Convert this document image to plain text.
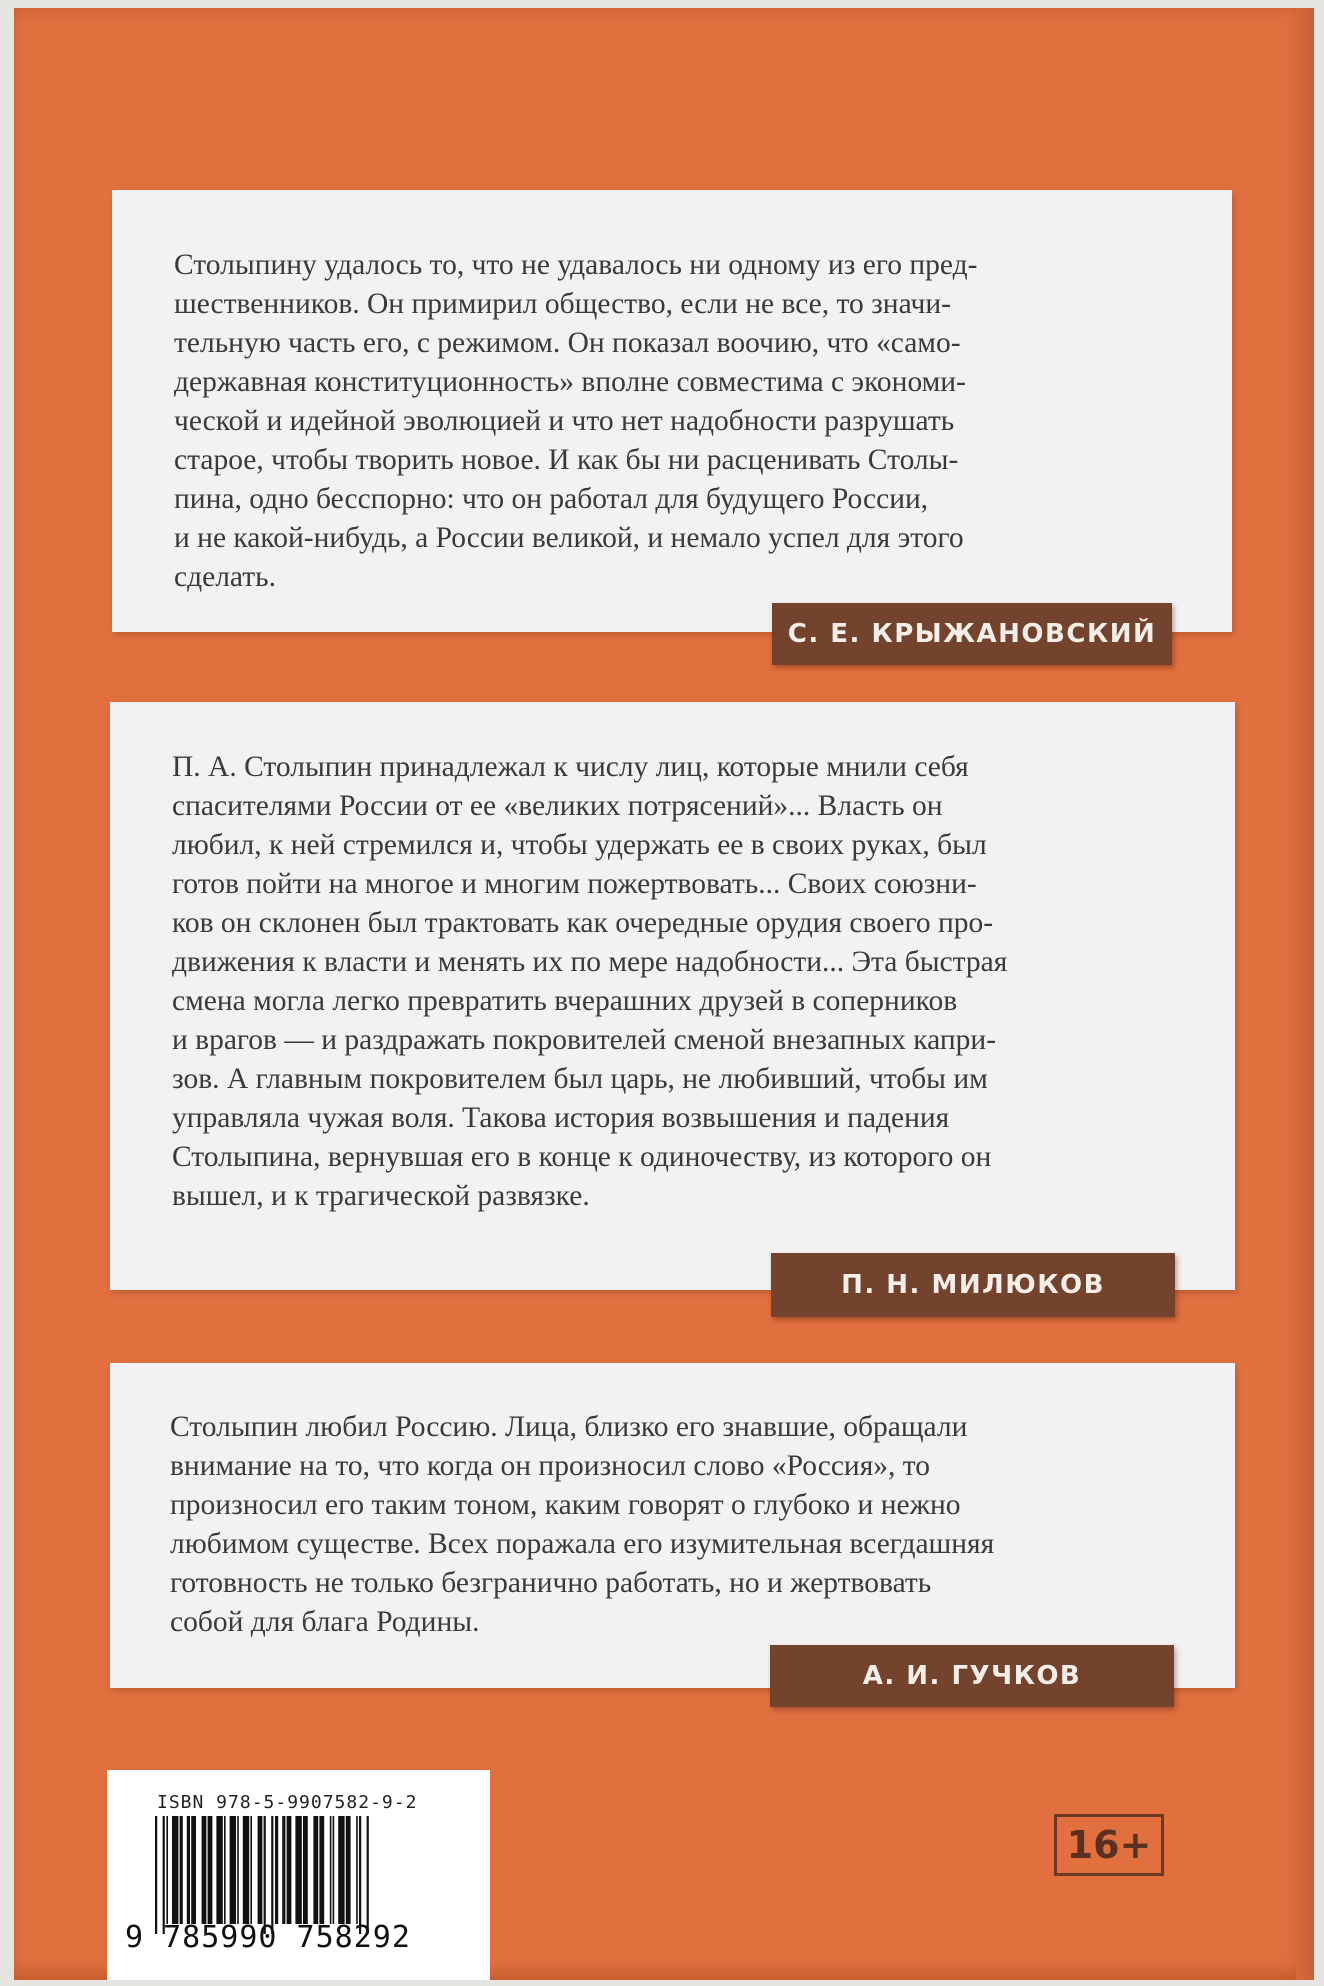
Столыпину удалось то, что не удавалось ни одному из его пред-
шественников. Он примирил общество, если не все, то значи-
тельную часть его, с режимом. Он показал воочию, что «само-
державная конституционность» вполне совместима с экономи-
ческой и идейной эволюцией и что нет надобности разрушать
старое, чтобы творить новое. И как бы ни расценивать Столы-
пина, одно бесспорно: что он работал для будущего России,
и не какой-нибудь, а России великой, и немало успел для этого
сделать.
С. Е. КРЫЖАНОВСКИЙ
П. А. Столыпин принадлежал к числу лиц, которые мнили себя
спасителями России от ее «великих потрясений»... Власть он
любил, к ней стремился и, чтобы удержать ее в своих руках, был
готов пойти на многое и многим пожертвовать... Своих союзни-
ков он склонен был трактовать как очередные орудия своего про-
движения к власти и менять их по мере надобности... Эта быстрая
смена могла легко превратить вчерашних друзей в соперников
и врагов — и раздражать покровителей сменой внезапных капри-
зов. А главным покровителем был царь, не любивший, чтобы им
управляла чужая воля. Такова история возвышения и падения
Столыпина, вернувшая его в конце к одиночеству, из которого он
вышел, и к трагической развязке.
П. Н. МИЛЮКОВ
Столыпин любил Россию. Лица, близко его знавшие, обращали
внимание на то, что когда он произносил слово «Россия», то
произносил его таким тоном, каким говорят о глубоко и нежно
любимом существе. Всех поражала его изумительная всегдашняя
готовность не только безгранично работать, но и жертвовать
собой для блага Родины.
А. И. ГУЧКОВ
ISBN 978-5-9907582-9-2
9 785990 758292
16+
